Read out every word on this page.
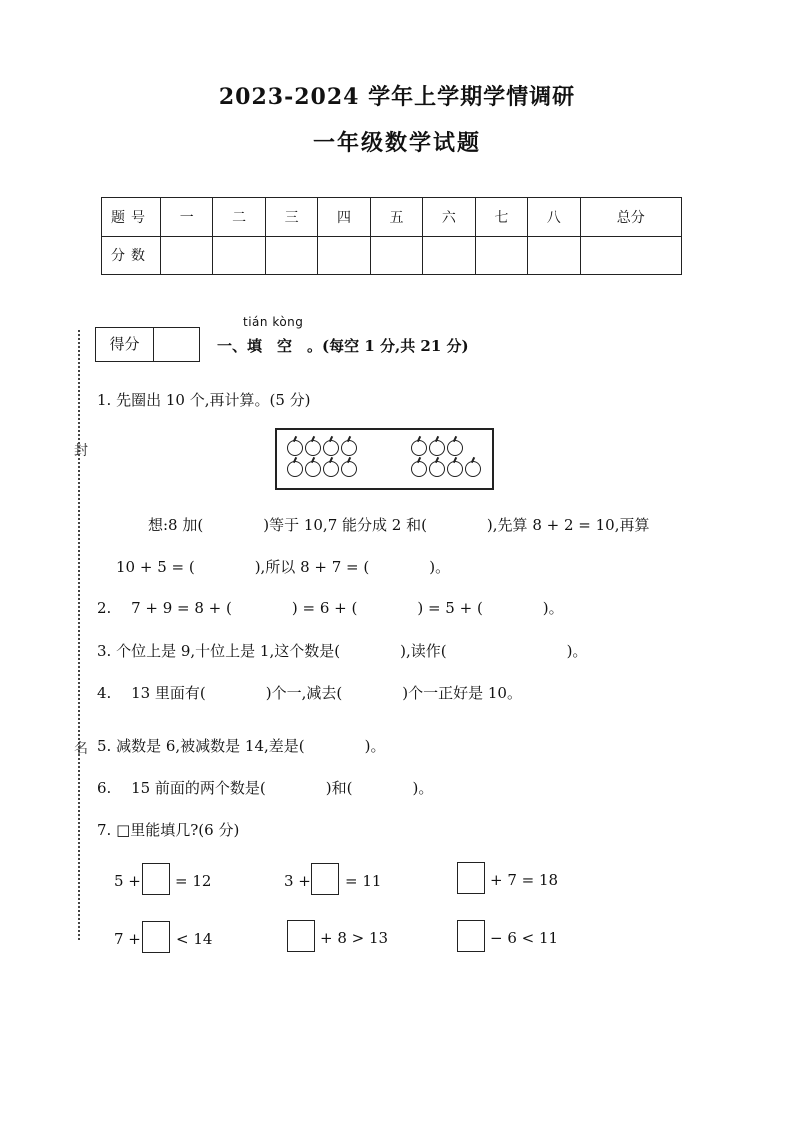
2023-2024 学年上学期学情调研
一年级数学试题
题号	一	二	三	四	五	六	七	八	总分
分数									
封
名
得分
tián kòng
一、填　空　。(每空 1 分,共 21 分)
1. 先圈出 10 个,再计算。(5 分)
想:8 加(　　　　)等于 10,7 能分成 2 和(　　　　),先算 8 + 2 = 10,再算
10 + 5 = (　　　　),所以 8 + 7 = (　　　　)。
2.　 7 + 9 = 8 + (　　　　) = 6 + (　　　　) = 5 + (　　　　)。
3. 个位上是 9,十位上是 1,这个数是(　　　　),读作(　　　　　　　　)。
4.　 13 里面有(　　　　)个一,减去(　　　　)个一正好是 10。
5. 减数是 6,被减数是 14,差是(　　　　)。
6.　 15 前面的两个数是(　　　　)和(　　　　)。
7. □里能填几?(6 分)
5 + = 12	3 + = 11	+ 7 = 18
7 + < 14	+ 8 > 13	− 6 < 11
